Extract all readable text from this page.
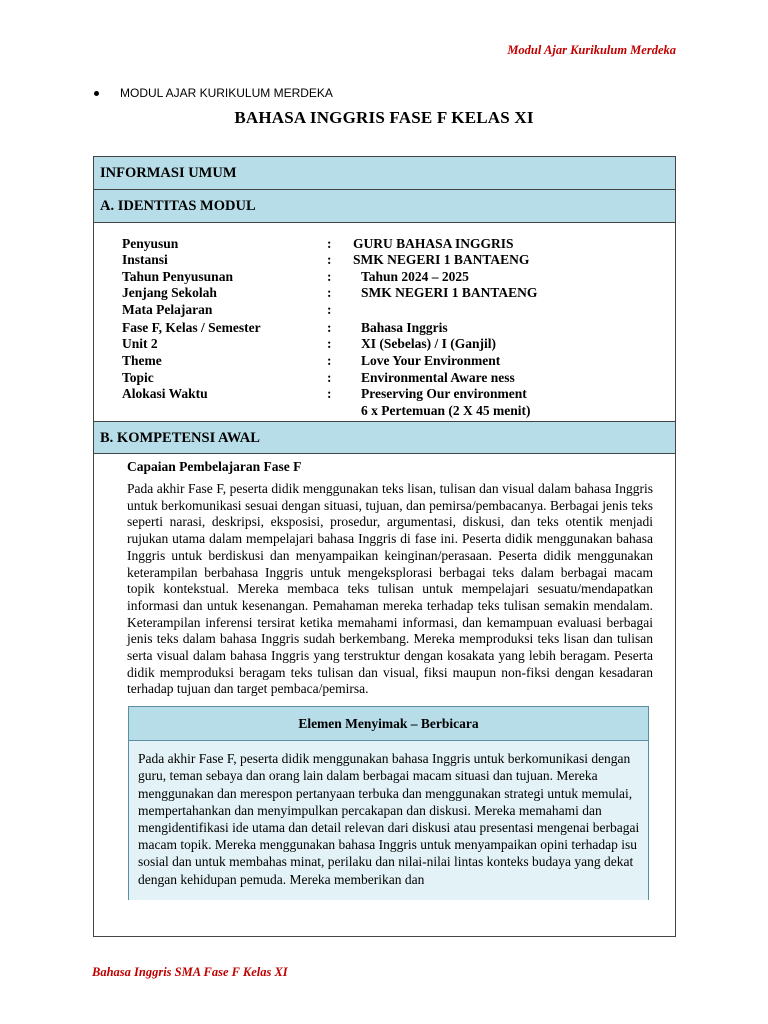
Modul Ajar Kurikulum Merdeka
MODUL AJAR KURIKULUM MERDEKA
BAHASA INGGRIS FASE F KELAS XI
INFORMASI UMUM
A. IDENTITAS MODUL
Penyusun	: GURU BAHASA INGGRIS
Instansi	: SMK NEGERI 1 BANTAENG
Tahun Penyusunan	: Tahun 2024 – 2025
Jenjang Sekolah	: SMK NEGERI 1 BANTAENG
Mata Pelajaran	:
Fase F, Kelas / Semester	: Bahasa Inggris
Unit 2	: XI (Sebelas) / I (Ganjil)
Theme	: Love Your Environment
Topic	: Environmental Aware ness
Alokasi Waktu	: Preserving Our environment
6 x Pertemuan (2 X 45 menit)
B. KOMPETENSI AWAL
Capaian Pembelajaran Fase F

Pada akhir Fase F, peserta didik menggunakan teks lisan, tulisan dan visual dalam bahasa Inggris untuk berkomunikasi sesuai dengan situasi, tujuan, dan pemirsa/pembacanya. Berbagai jenis teks seperti narasi, deskripsi, eksposisi, prosedur, argumentasi, diskusi, dan teks otentik menjadi rujukan utama dalam mempelajari bahasa Inggris di fase ini. Peserta didik menggunakan bahasa Inggris untuk berdiskusi dan menyampaikan keinginan/perasaan. Peserta didik menggunakan keterampilan berbahasa Inggris untuk mengeksplorasi berbagai teks dalam berbagai macam topik kontekstual. Mereka membaca teks tulisan untuk mempelajari sesuatu/mendapatkan informasi dan untuk kesenangan. Pemahaman mereka terhadap teks tulisan semakin mendalam. Keterampilan inferensi tersirat ketika memahami informasi, dan kemampuan evaluasi berbagai jenis teks dalam bahasa Inggris sudah berkembang. Mereka memproduksi teks lisan dan tulisan serta visual dalam bahasa Inggris yang terstruktur dengan kosakata yang lebih beragam. Peserta didik memproduksi beragam teks tulisan dan visual, fiksi maupun non-fiksi dengan kesadaran terhadap tujuan dan target pembaca/pemirsa.

Elemen Menyimak – Berbicara
Pada akhir Fase F, peserta didik menggunakan bahasa Inggris untuk berkomunikasi dengan guru, teman sebaya dan orang lain dalam berbagai macam situasi dan tujuan. Mereka menggunakan dan merespon pertanyaan terbuka dan menggunakan strategi untuk memulai, mempertahankan dan menyimpulkan percakapan dan diskusi. Mereka memahami dan mengidentifikasi ide utama dan detail relevan dari diskusi atau presentasi mengenai berbagai macam topik. Mereka menggunakan bahasa Inggris untuk menyampaikan opini terhadap isu sosial dan untuk membahas minat, perilaku dan nilai-nilai lintas konteks budaya yang dekat dengan kehidupan pemuda. Mereka memberikan dan
Bahasa Inggris SMA Fase F Kelas XI
